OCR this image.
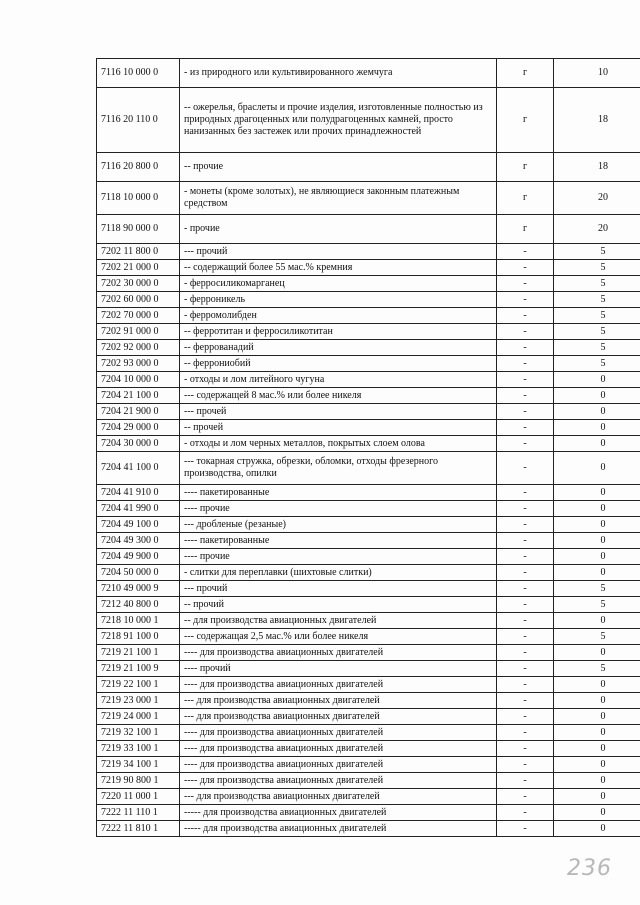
7116 10 000 0	- из природного или культивированного жемчуга	г	10
7116 20 110 0	-- ожерелья, браслеты и прочие изделия, изготовленные полностью из природных драгоценных или полудрагоценных камней, просто нанизанных без застежек или прочих принадлежностей	г	18
7116 20 800 0	-- прочие	г	18
7118 10 000 0	- монеты (кроме золотых), не являющиеся законным платежным средством	г	20
7118 90 000 0	- прочие	г	20
7202 11 800 0	--- прочий	-	5
7202 21 000 0	-- содержащий более 55 мас.% кремния	-	5
7202 30 000 0	- ферросиликомарганец	-	5
7202 60 000 0	- ферроникель	-	5
7202 70 000 0	- ферромолибден	-	5
7202 91 000 0	-- ферротитан и ферросиликотитан	-	5
7202 92 000 0	-- феррованадий	-	5
7202 93 000 0	-- феррониобий	-	5
7204 10 000 0	- отходы и лом литейного чугуна	-	0
7204 21 100 0	--- содержащей 8 мас.% или более никеля	-	0
7204 21 900 0	--- прочей	-	0
7204 29 000 0	-- прочей	-	0
7204 30 000 0	- отходы и лом черных металлов, покрытых слоем олова	-	0
7204 41 100 0	--- токарная стружка, обрезки, обломки, отходы фрезерного производства, опилки	-	0
7204 41 910 0	---- пакетированные	-	0
7204 41 990 0	---- прочие	-	0
7204 49 100 0	--- дробленые (резаные)	-	0
7204 49 300 0	---- пакетированные	-	0
7204 49 900 0	---- прочие	-	0
7204 50 000 0	- слитки для переплавки (шихтовые слитки)	-	0
7210 49 000 9	--- прочий	-	5
7212 40 800 0	-- прочий	-	5
7218 10 000 1	-- для производства авиационных двигателей	-	0
7218 91 100 0	--- содержащая 2,5 мас.% или более никеля	-	5
7219 21 100 1	---- для производства авиационных двигателей	-	0
7219 21 100 9	---- прочий	-	5
7219 22 100 1	---- для производства авиационных двигателей	-	0
7219 23 000 1	--- для производства авиационных двигателей	-	0
7219 24 000 1	--- для производства авиационных двигателей	-	0
7219 32 100 1	---- для производства авиационных двигателей	-	0
7219 33 100 1	---- для производства авиационных двигателей	-	0
7219 34 100 1	---- для производства авиационных двигателей	-	0
7219 90 800 1	---- для производства авиационных двигателей	-	0
7220 11 000 1	--- для производства авиационных двигателей	-	0
7222 11 110 1	----- для производства авиационных двигателей	-	0
7222 11 810 1	----- для производства авиационных двигателей	-	0
236
